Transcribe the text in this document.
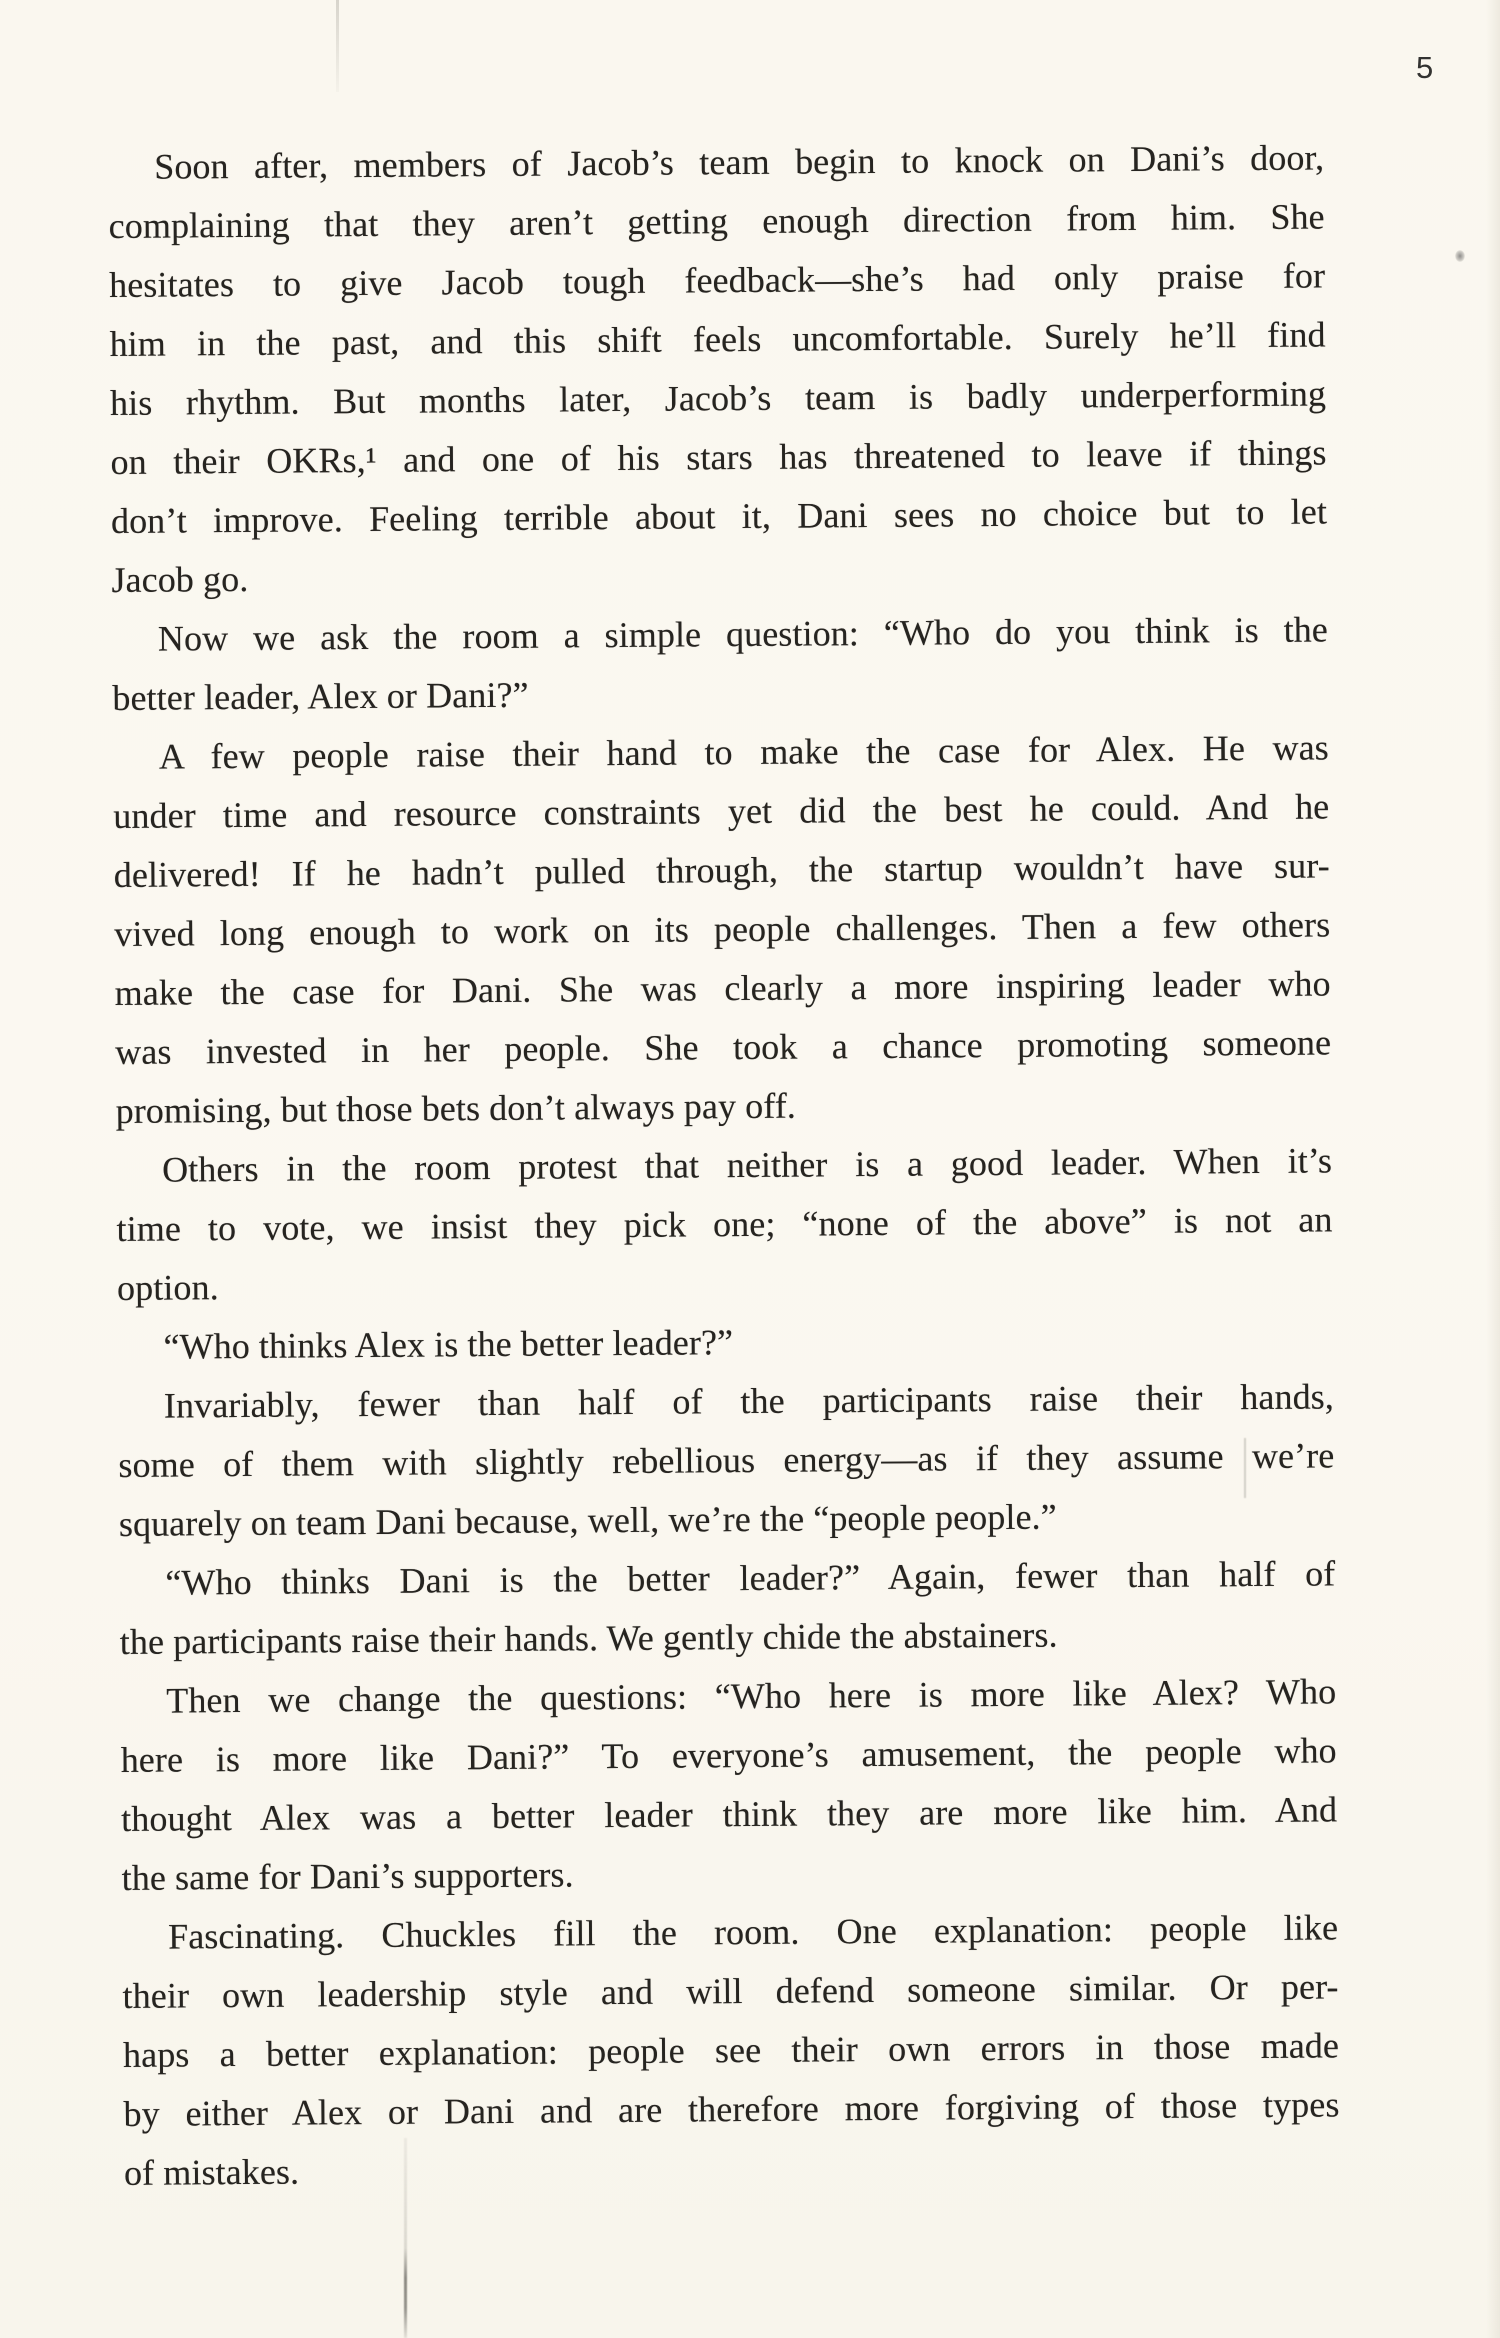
5
Soon after, members of Jacob’s team begin to knock on Dani’s door,
complaining that they aren’t getting enough direction from him. She
hesitates to give Jacob tough feedback—she’s had only praise for
him in the past, and this shift feels uncomfortable. Surely he’ll find
his rhythm. But months later, Jacob’s team is badly underperforming
on their OKRs,¹ and one of his stars has threatened to leave if things
don’t improve. Feeling terrible about it, Dani sees no choice but to let
Jacob go.
Now we ask the room a simple question: “Who do you think is the
better leader, Alex or Dani?”
A few people raise their hand to make the case for Alex. He was
under time and resource constraints yet did the best he could. And he
delivered! If he hadn’t pulled through, the startup wouldn’t have sur-
vived long enough to work on its people challenges. Then a few others
make the case for Dani. She was clearly a more inspiring leader who
was invested in her people. She took a chance promoting someone
promising, but those bets don’t always pay off.
Others in the room protest that neither is a good leader. When it’s
time to vote, we insist they pick one; “none of the above” is not an
option.
“Who thinks Alex is the better leader?”
Invariably, fewer than half of the participants raise their hands,
some of them with slightly rebellious energy—as if they assume we’re
squarely on team Dani because, well, we’re the “people people.”
“Who thinks Dani is the better leader?” Again, fewer than half of
the participants raise their hands. We gently chide the abstainers.
Then we change the questions: “Who here is more like Alex? Who
here is more like Dani?” To everyone’s amusement, the people who
thought Alex was a better leader think they are more like him. And
the same for Dani’s supporters.
Fascinating. Chuckles fill the room. One explanation: people like
their own leadership style and will defend someone similar. Or per-
haps a better explanation: people see their own errors in those made
by either Alex or Dani and are therefore more forgiving of those types
of mistakes.
